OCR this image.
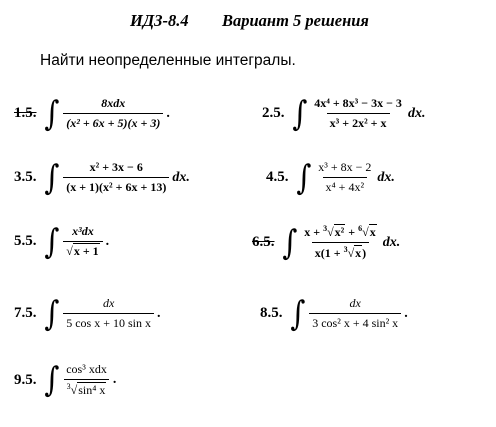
ИДЗ-8.4 Вариант 5 решения
Найти неопределенные интегралы.
1.5. ∫ $\frac{\text{8xdx}}{\text{(x² + 6x + 5)(x + 3)}}$ .	2.5. ∫ $\frac{\text{4x⁴ + 8x³ − 3x − 3}}{\text{x³ + 2x² + x}}$ dx.
3.5. ∫ $\frac{\text{x² + 3x − 6}}{\text{(x + 1)(x² + 6x + 13)}}$ dx.	4.5. ∫ $\frac{\text{x³ + 8x − 2}}{\text{x⁴ + 4x²}}$ dx.
5.5. ∫ $\frac{\text{x³dx}}{√x + 1}$ .	6.5. ∫ $\frac{x + ^3√x^2 + ^6√x}{x(1 + ^3√x)}$ dx.
7.5. ∫ $\frac{dx}{\text{5 cos x + 10 sin x}}$ .	8.5. ∫ $\frac{dx}{\text{3 cos² x + 4 sin² x}}$ .
9.5. ∫ $\frac{\text{cos³ xdx}}{^3√\sin^4 x}$ .
